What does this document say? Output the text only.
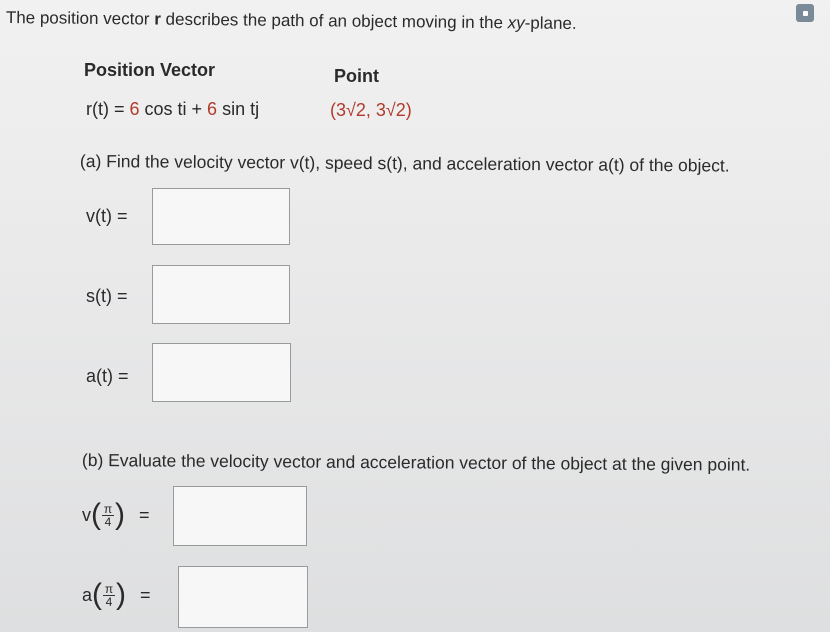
The position vector r describes the path of an object moving in the xy-plane.
Position Vector	Point
r(t) = 6 cos ti + 6 sin tj	(3√2, 3√2)
(a) Find the velocity vector v(t), speed s(t), and acceleration vector a(t) of the object.
v(t) =
s(t) =
a(t) =
(b) Evaluate the velocity vector and acceleration vector of the object at the given point.
v ( $\frac{\pi}{4}$ ) =
a ( $\frac{\pi}{4}$ ) =
